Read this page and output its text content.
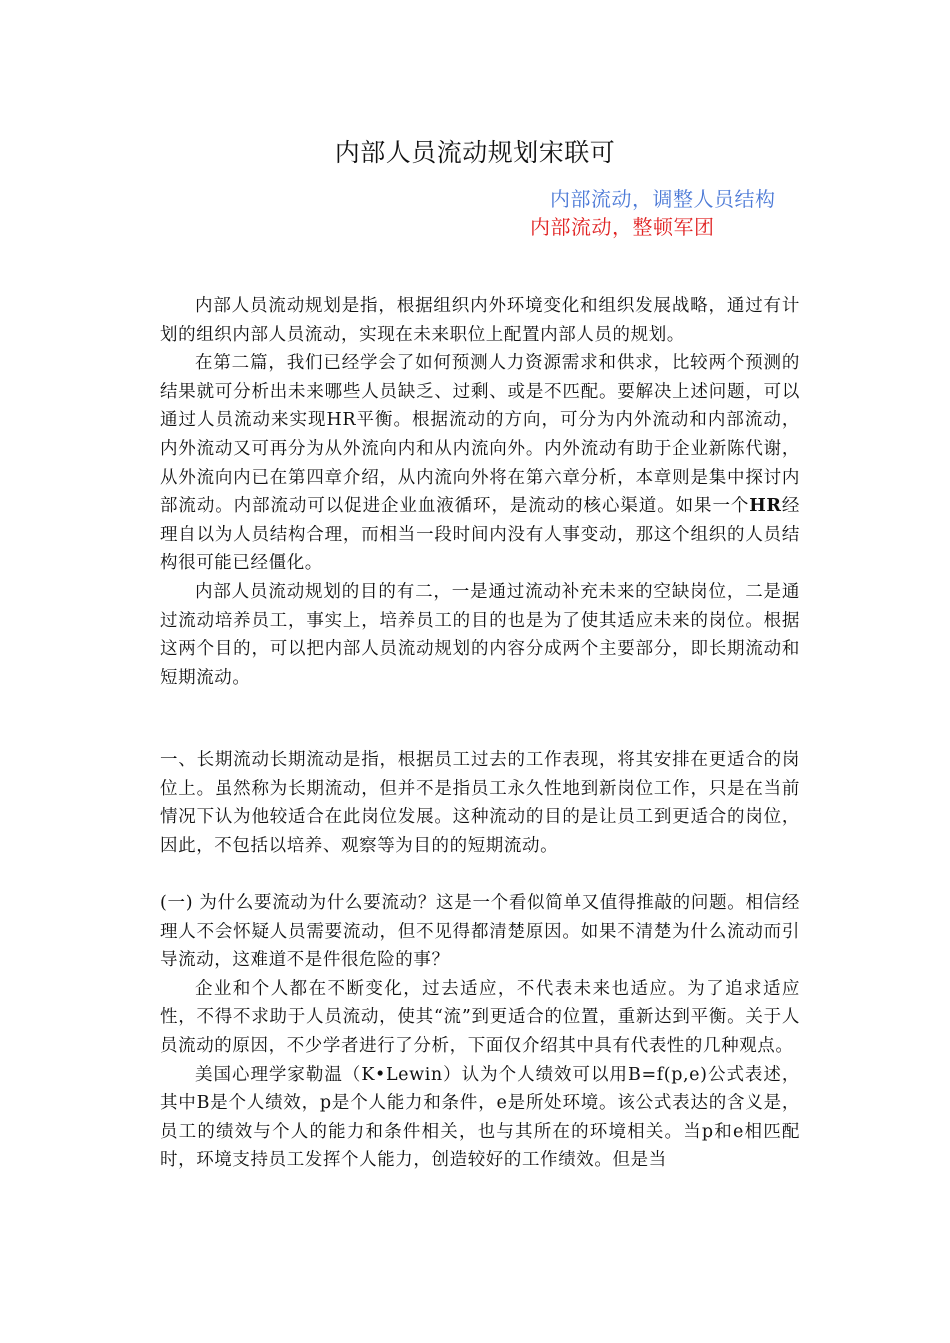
内部人员流动规划宋联可
内部流动，调整人员结构
内部流动，整顿军团

内部人员流动规划是指，根据组织内外环境变化和组织发展战略，通过有计划的组织内部人员流动，实现在未来职位上配置内部人员的规划。

在第二篇，我们已经学会了如何预测人力资源需求和供求，比较两个预测的结果就可分析出未来哪些人员缺乏、过剩、或是不匹配。要解决上述问题，可以通过人员流动来实现HR平衡。根据流动的方向，可分为内外流动和内部流动，内外流动又可再分为从外流向内和从内流向外。内外流动有助于企业新陈代谢，从外流向内已在第四章介绍，从内流向外将在第六章分析，本章则是集中探讨内部流动。内部流动可以促进企业血液循环，是流动的核心渠道。如果一个HR经理自以为人员结构合理，而相当一段时间内没有人事变动，那这个组织的人员结构很可能已经僵化。

内部人员流动规划的目的有二，一是通过流动补充未来的空缺岗位，二是通过流动培养员工，事实上，培养员工的目的也是为了使其适应未来的岗位。根据这两个目的，可以把内部人员流动规划的内容分成两个主要部分，即长期流动和短期流动。

一、长期流动长期流动是指，根据员工过去的工作表现，将其安排在更适合的岗位上。虽然称为长期流动，但并不是指员工永久性地到新岗位工作，只是在当前情况下认为他较适合在此岗位发展。这种流动的目的是让员工到更适合的岗位，因此，不包括以培养、观察等为目的的短期流动。

(一) 为什么要流动为什么要流动？这是一个看似简单又值得推敲的问题。相信经理人不会怀疑人员需要流动，但不见得都清楚原因。如果不清楚为什么流动而引导流动，这难道不是件很危险的事？

企业和个人都在不断变化，过去适应，不代表未来也适应。为了追求适应性，不得不求助于人员流动，使其“流”到更适合的位置，重新达到平衡。关于人员流动的原因，不少学者进行了分析，下面仅介绍其中具有代表性的几种观点。

美国心理学家勒温（K•Lewin）认为个人绩效可以用B=f(p,e)公式表述，其中B是个人绩效，p是个人能力和条件，e是所处环境。该公式表达的含义是，员工的绩效与个人的能力和条件相关，也与其所在的环境相关。当p和e相匹配时，环境支持员工发挥个人能力，创造较好的工作绩效。但是当
